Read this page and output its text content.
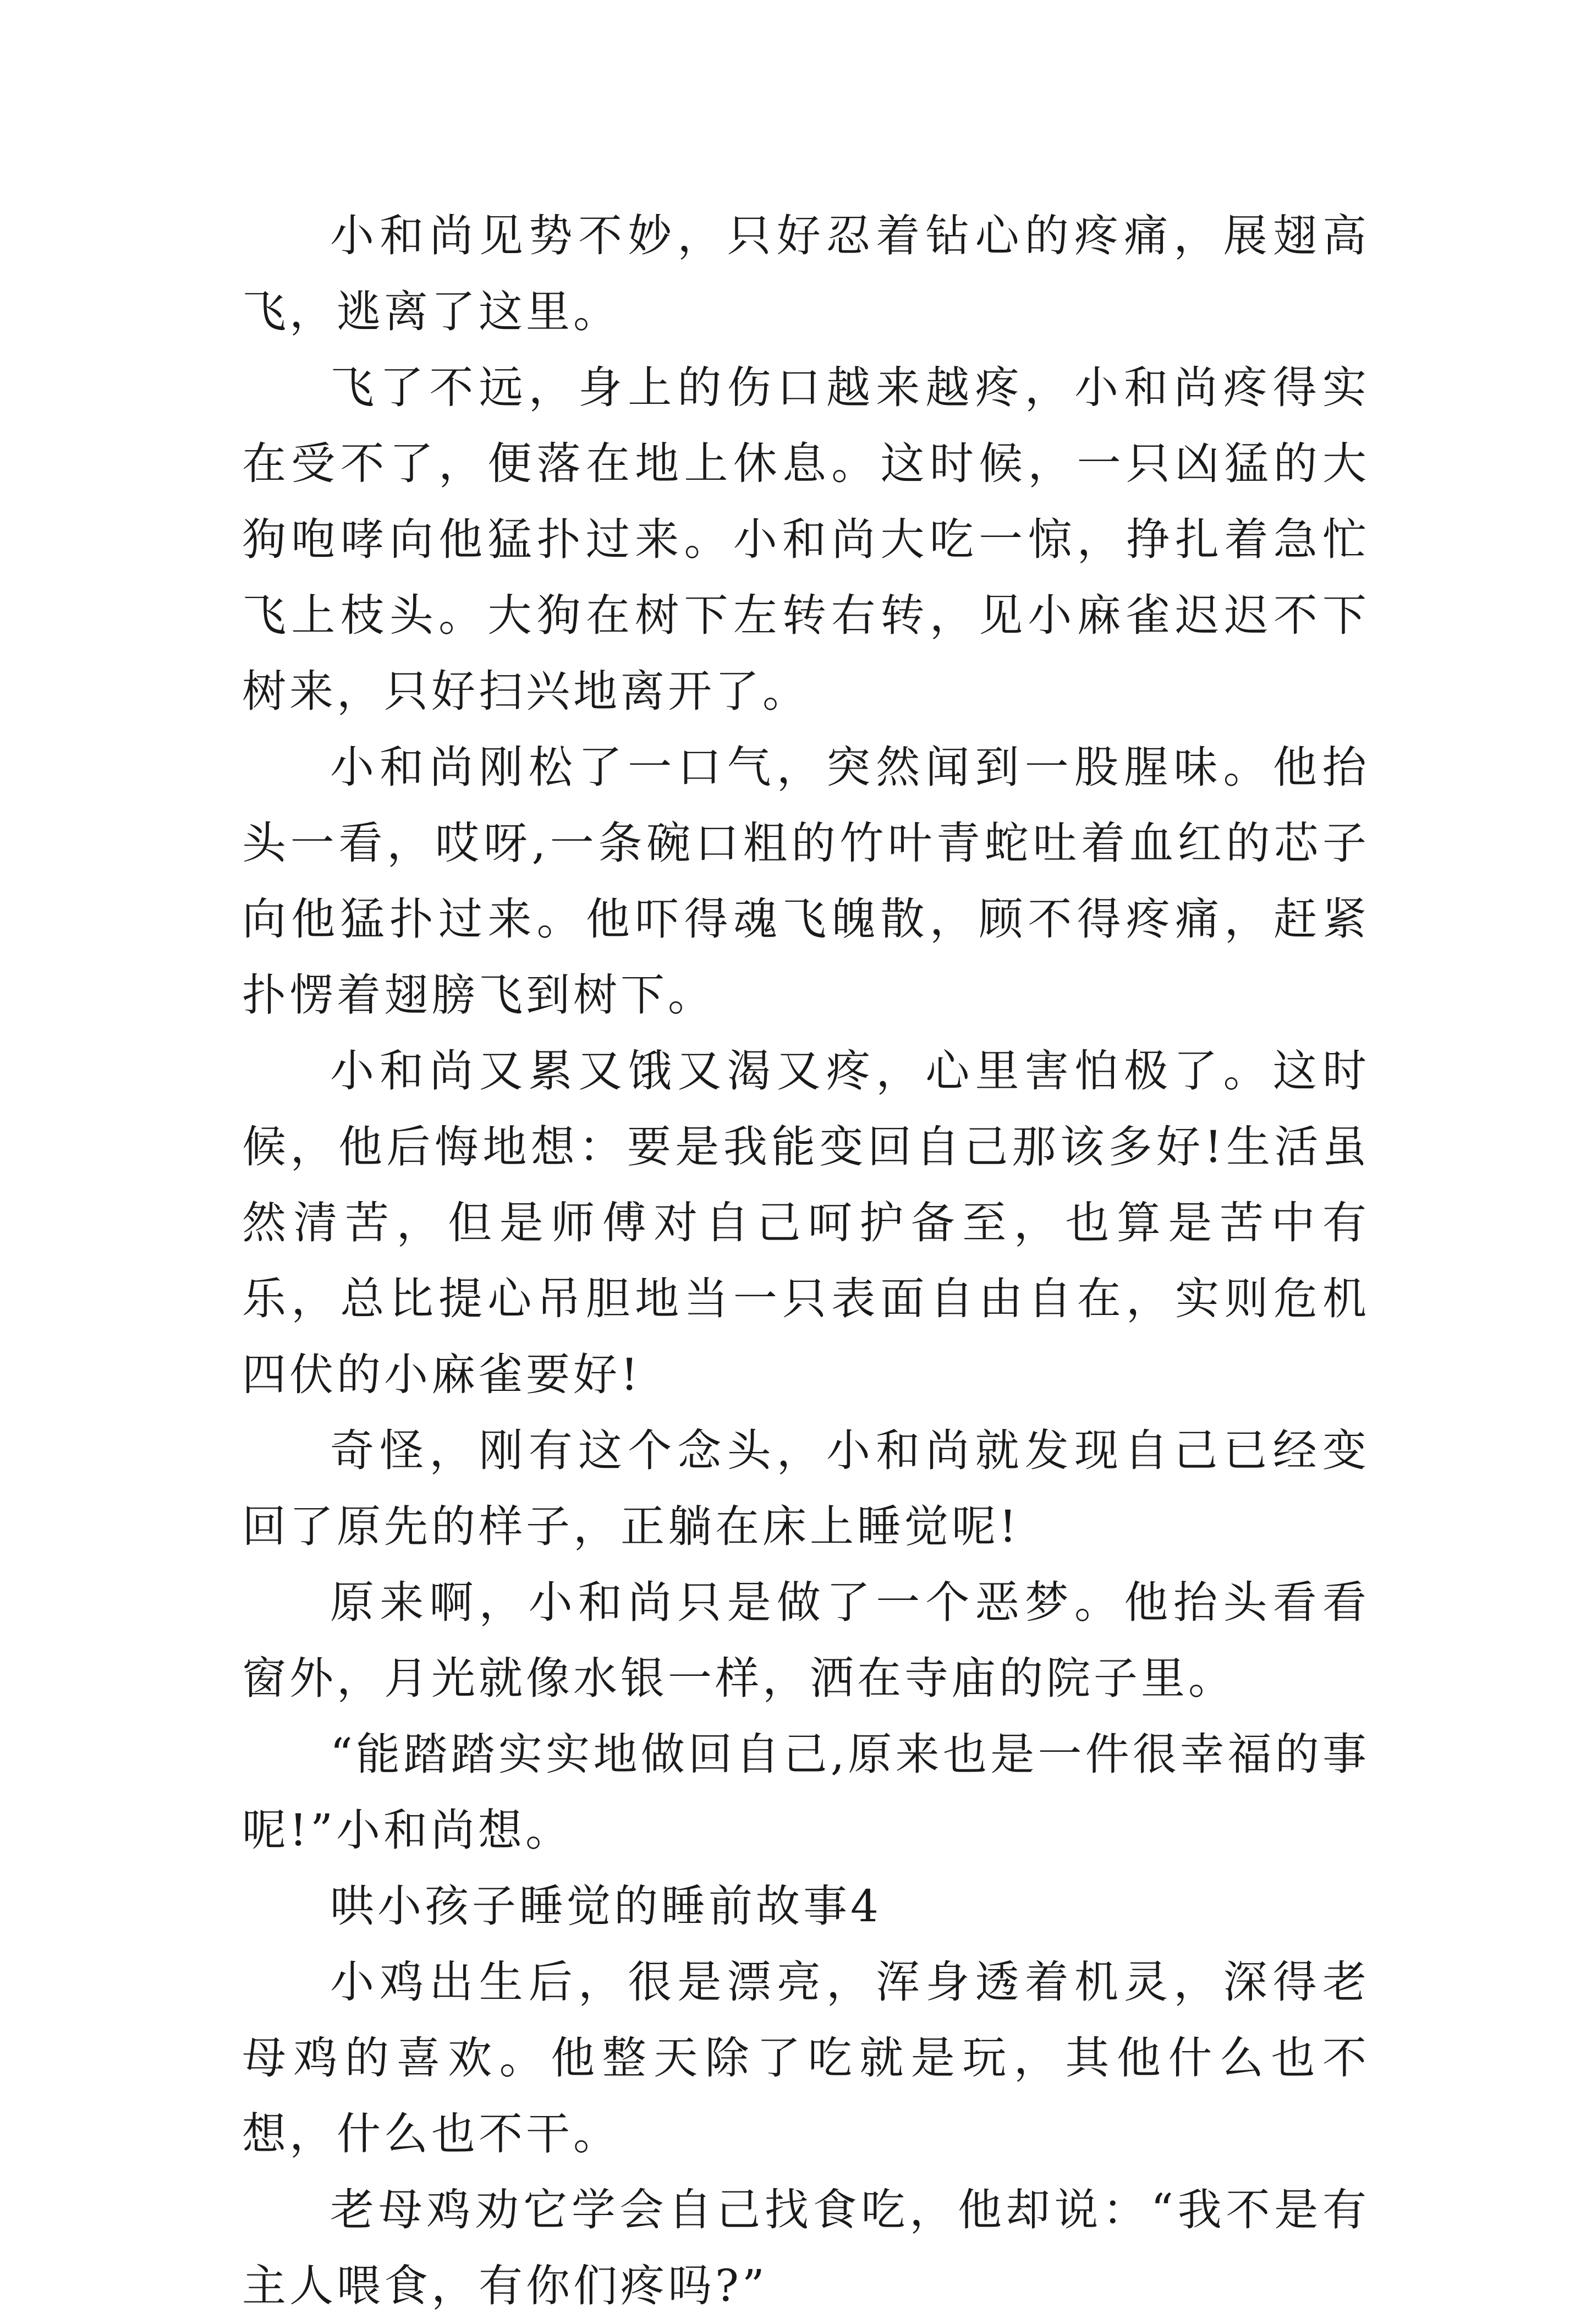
小和尚见势不妙，只好忍着钻心的疼痛，展翅高飞，逃离了这里。

飞了不远，身上的伤口越来越疼，小和尚疼得实在受不了，便落在地上休息。这时候，一只凶猛的大狗咆哮向他猛扑过来。小和尚大吃一惊，挣扎着急忙飞上枝头。大狗在树下左转右转，见小麻雀迟迟不下树来，只好扫兴地离开了。

小和尚刚松了一口气，突然闻到一股腥味。他抬头一看，哎呀,一条碗口粗的竹叶青蛇吐着血红的芯子向他猛扑过来。他吓得魂飞魄散，顾不得疼痛，赶紧扑愣着翅膀飞到树下。

小和尚又累又饿又渴又疼，心里害怕极了。这时候，他后悔地想：要是我能变回自己那该多好!生活虽然清苦，但是师傅对自己呵护备至，也算是苦中有乐，总比提心吊胆地当一只表面自由自在，实则危机四伏的小麻雀要好!

奇怪，刚有这个念头，小和尚就发现自己已经变回了原先的样子，正躺在床上睡觉呢!

原来啊，小和尚只是做了一个恶梦。他抬头看看窗外，月光就像水银一样，洒在寺庙的院子里。

“能踏踏实实地做回自己,原来也是一件很幸福的事呢!”小和尚想。

哄小孩子睡觉的睡前故事4

小鸡出生后，很是漂亮，浑身透着机灵，深得老母鸡的喜欢。他整天除了吃就是玩，其他什么也不想，什么也不干。

老母鸡劝它学会自己找食吃，他却说：“我不是有主人喂食，有你们疼吗?”
